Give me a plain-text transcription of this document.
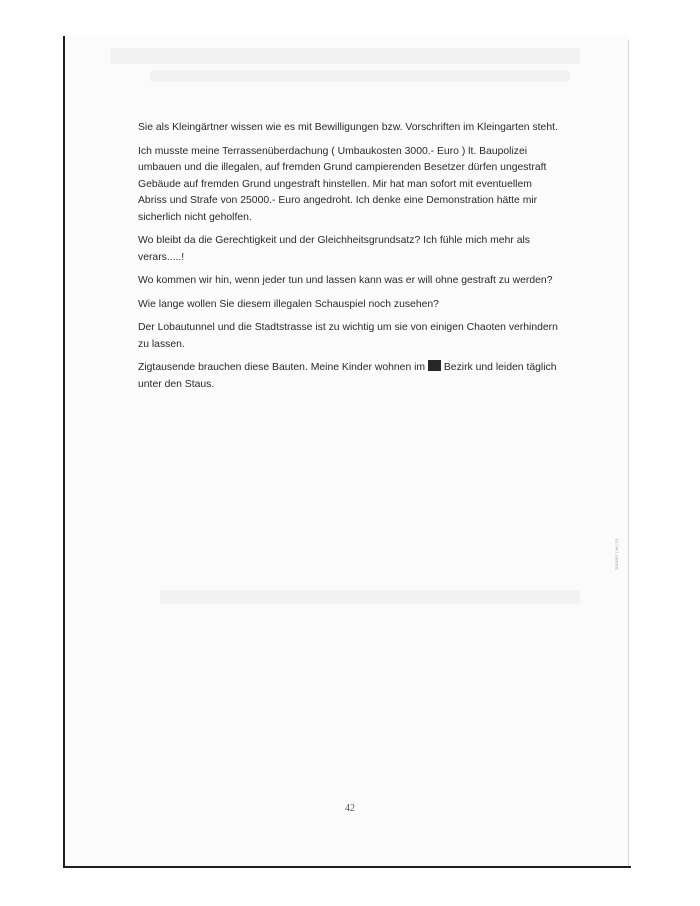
Sie als Kleingärtner wissen wie es mit Bewilligungen bzw. Vorschriften im Kleingarten steht.

Ich musste meine Terrassenüberdachung ( Umbaukosten 3000.- Euro ) lt. Baupolizei umbauen und die illegalen, auf fremden Grund campierenden Besetzer dürfen ungestraft Gebäude auf fremden Grund ungestraft hinstellen. Mir hat man sofort mit eventuellem Abriss und Strafe von 25000.- Euro angedroht. Ich denke eine Demonstration hätte mir sicherlich nicht geholfen.

Wo bleibt da die Gerechtigkeit und der Gleichheitsgrundsatz? Ich fühle mich mehr als verars.....!

Wo kommen wir hin, wenn jeder tun und lassen kann was er will ohne gestraft zu werden?

Wie lange wollen Sie diesem illegalen Schauspiel noch zusehen?

Der Lobautunnel und die Stadtstrasse ist zu wichtig um sie von einigen Chaoten verhindern zu lassen.

Zigtausende brauchen diese Bauten. Meine Kinder wohnen im  Bezirk und leiden täglich unter den Staus.

2019007 | 34 | 23
42
